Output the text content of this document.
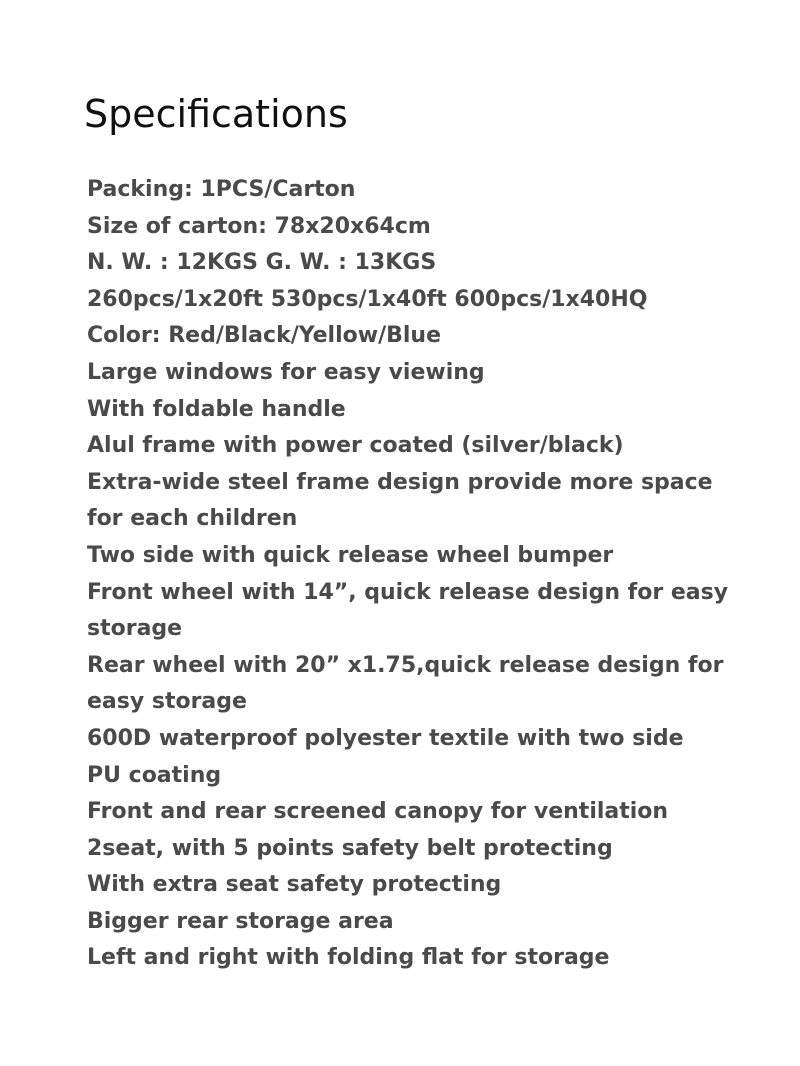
Specifications
Packing: 1PCS/Carton
Size of carton: 78x20x64cm
N. W. : 12KGS G. W. : 13KGS
260pcs/1x20ft 530pcs/1x40ft 600pcs/1x40HQ
Color: Red/Black/Yellow/Blue
Large windows for easy viewing
With foldable handle
Alul frame with power coated (silver/black)
Extra-wide steel frame design provide more space
for each children
Two side with quick release wheel bumper
Front wheel with 14”, quick release design for easy
storage
Rear wheel with 20” x1.75,quick release design for
easy storage
600D waterproof polyester textile with two side
PU coating
Front and rear screened canopy for ventilation
2seat, with 5 points safety belt protecting
With extra seat safety protecting
Bigger rear storage area
Left and right with folding flat for storage
